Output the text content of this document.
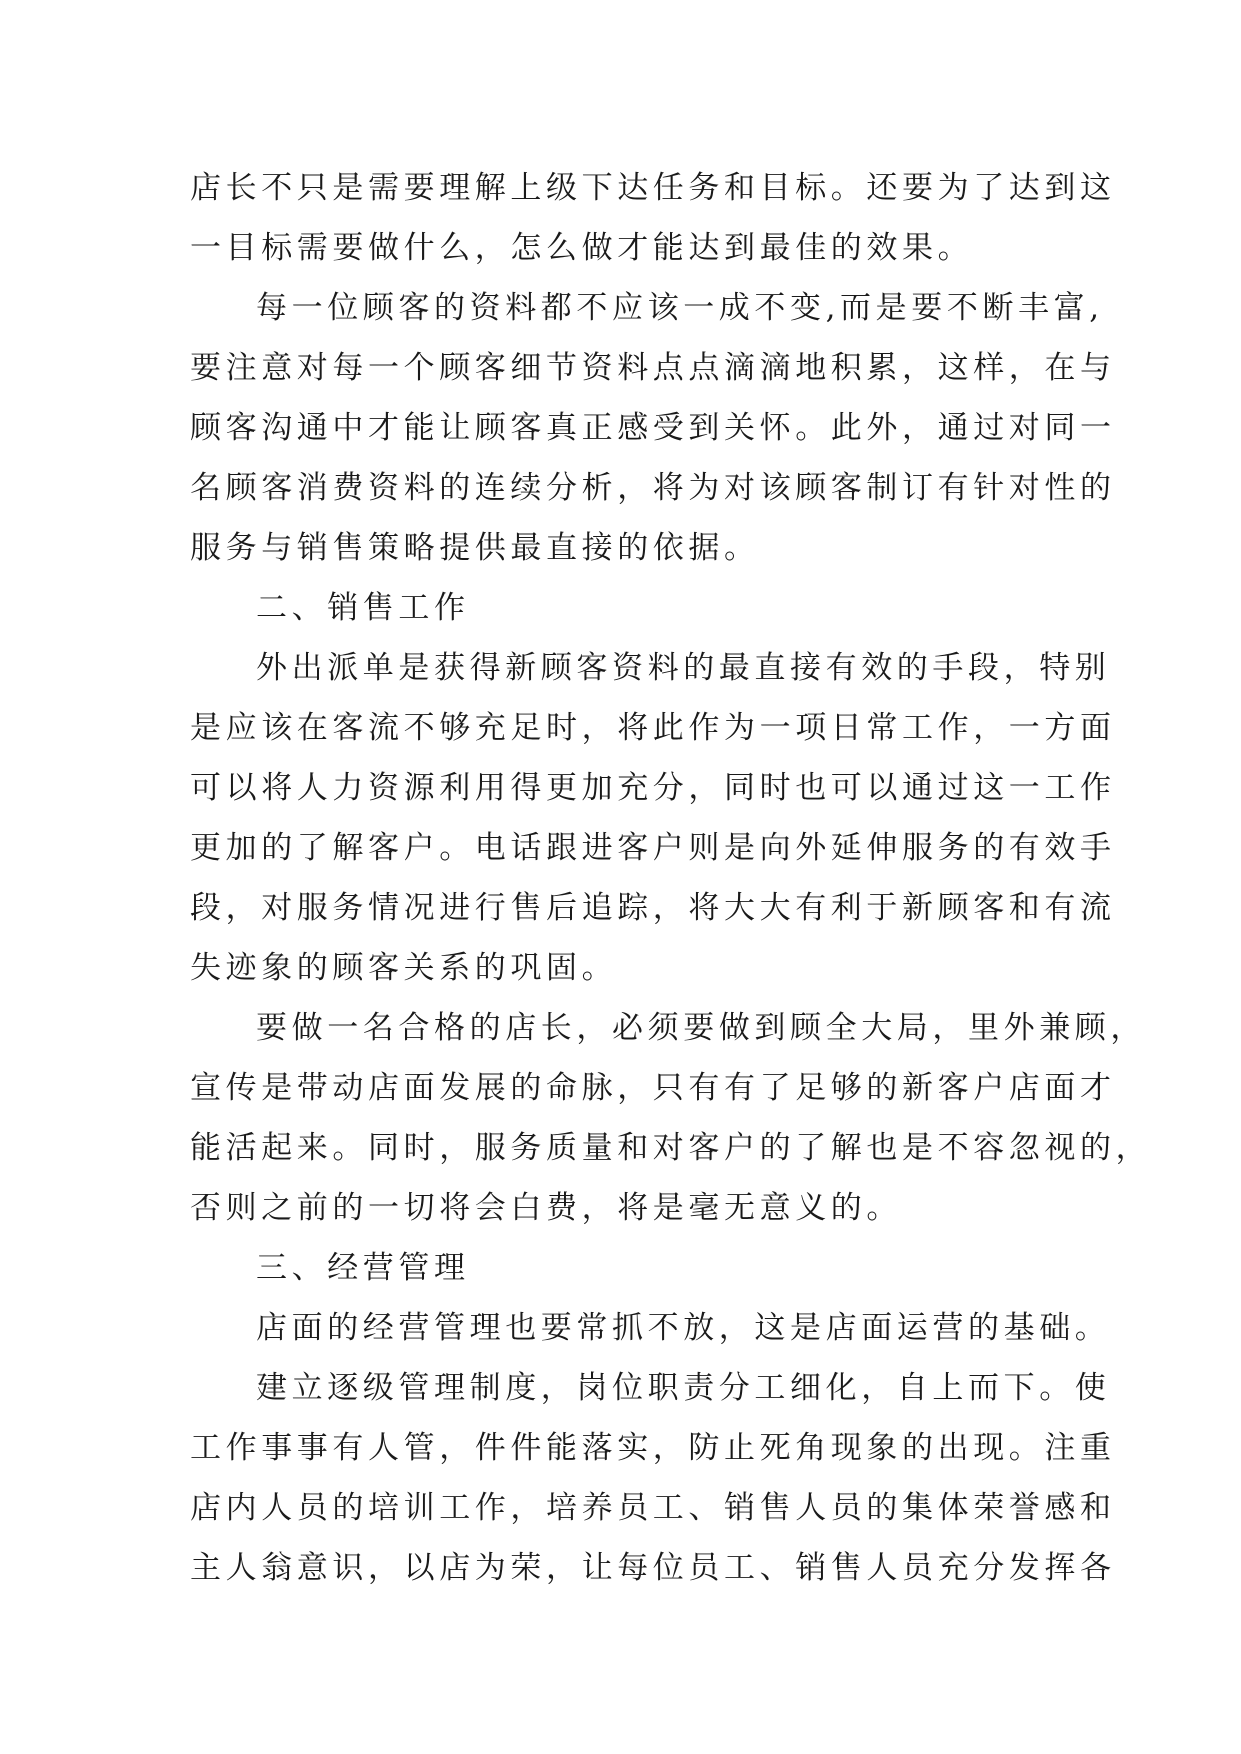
店长不只是需要理解上级下达任务和目标。还要为了达到这
一目标需要做什么，怎么做才能达到最佳的效果。
每一位顾客的资料都不应该一成不变,而是要不断丰富,
要注意对每一个顾客细节资料点点滴滴地积累，这样，在与
顾客沟通中才能让顾客真正感受到关怀。此外，通过对同一
名顾客消费资料的连续分析，将为对该顾客制订有针对性的
服务与销售策略提供最直接的依据。
二、销售工作
外出派单是获得新顾客资料的最直接有效的手段，特别
是应该在客流不够充足时，将此作为一项日常工作，一方面
可以将人力资源利用得更加充分，同时也可以通过这一工作
更加的了解客户。电话跟进客户则是向外延伸服务的有效手
段，对服务情况进行售后追踪，将大大有利于新顾客和有流
失迹象的顾客关系的巩固。
要做一名合格的店长，必须要做到顾全大局，里外兼顾，
宣传是带动店面发展的命脉，只有有了足够的新客户店面才
能活起来。同时，服务质量和对客户的了解也是不容忽视的，
否则之前的一切将会白费，将是毫无意义的。
三、经营管理
店面的经营管理也要常抓不放，这是店面运营的基础。
建立逐级管理制度，岗位职责分工细化，自上而下。使
工作事事有人管，件件能落实，防止死角现象的出现。注重
店内人员的培训工作，培养员工、销售人员的集体荣誉感和
主人翁意识，以店为荣，让每位员工、销售人员充分发挥各
